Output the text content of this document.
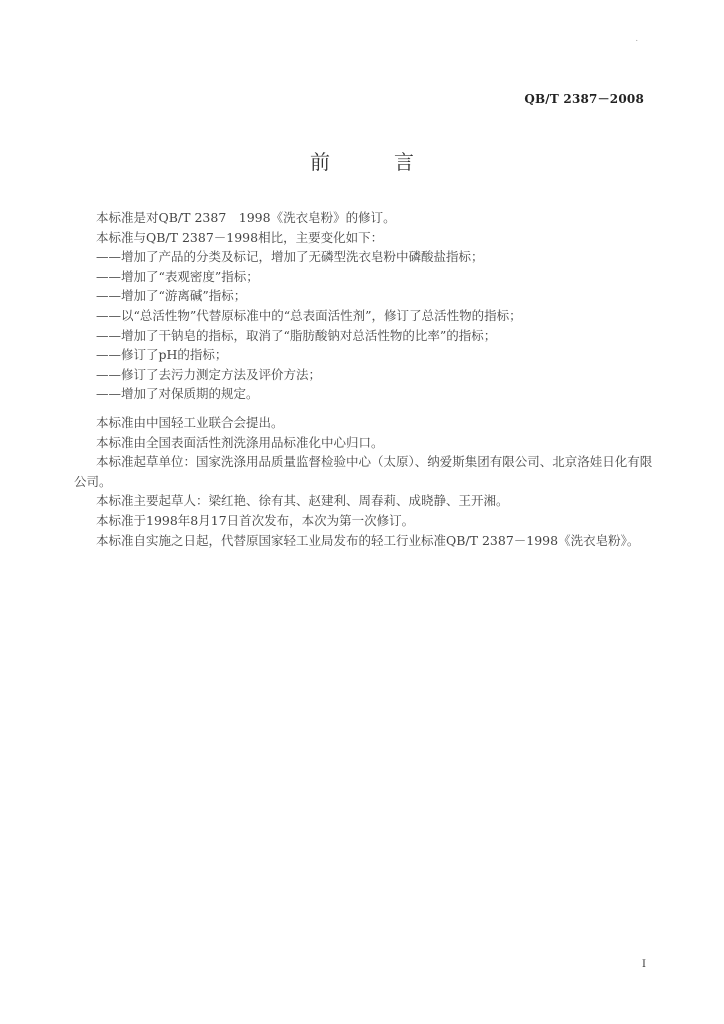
.
QB/T 2387－2008
前　言

本标准是对QB/T 2387　1998《洗衣皂粉》的修订。

本标准与QB/T 2387－1998相比，主要变化如下：

——增加了产品的分类及标记，增加了无磷型洗衣皂粉中磷酸盐指标；

——增加了“表观密度”指标；

——增加了“游离碱”指标；

——以“总活性物”代替原标准中的“总表面活性剂”，修订了总活性物的指标；

——增加了干钠皂的指标，取消了“脂肪酸钠对总活性物的比率”的指标；

——修订了pH的指标；

——修订了去污力测定方法及评价方法；

——增加了对保质期的规定。

本标准由中国轻工业联合会提出。

本标准由全国表面活性剂洗涤用品标准化中心归口。

本标准起草单位：国家洗涤用品质量监督检验中心（太原）、纳爱斯集团有限公司、北京洛娃日化有限公司。

本标准主要起草人：梁红艳、徐有其、赵建利、周春莉、成晓静、王开湘。

本标准于1998年8月17日首次发布，本次为第一次修订。

本标准自实施之日起，代替原国家轻工业局发布的轻工行业标准QB/T 2387－1998《洗衣皂粉》。

I
